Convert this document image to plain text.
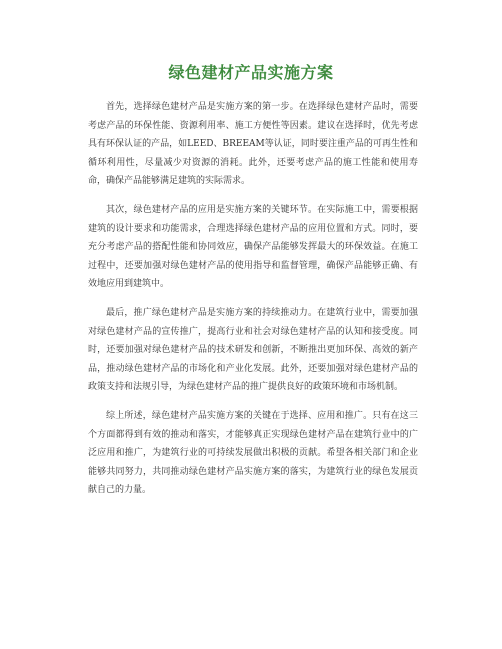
绿色建材产品实施方案

首先，选择绿色建材产品是实施方案的第一步。在选择绿色建材产品时，需要考虑产品的环保性能、资源利用率、施工方便性等因素。建议在选择时，优先考虑具有环保认证的产品，如LEED、BREEAM等认证，同时要注重产品的可再生性和循环利用性，尽量减少对资源的消耗。此外，还要考虑产品的施工性能和使用寿命，确保产品能够满足建筑的实际需求。

其次，绿色建材产品的应用是实施方案的关键环节。在实际施工中，需要根据建筑的设计要求和功能需求，合理选择绿色建材产品的应用位置和方式。同时，要充分考虑产品的搭配性能和协同效应，确保产品能够发挥最大的环保效益。在施工过程中，还要加强对绿色建材产品的使用指导和监督管理，确保产品能够正确、有效地应用到建筑中。

最后，推广绿色建材产品是实施方案的持续推动力。在建筑行业中，需要加强对绿色建材产品的宣传推广，提高行业和社会对绿色建材产品的认知和接受度。同时，还要加强对绿色建材产品的技术研发和创新，不断推出更加环保、高效的新产品，推动绿色建材产品的市场化和产业化发展。此外，还要加强对绿色建材产品的政策支持和法规引导，为绿色建材产品的推广提供良好的政策环境和市场机制。

综上所述，绿色建材产品实施方案的关键在于选择、应用和推广。只有在这三个方面都得到有效的推动和落实，才能够真正实现绿色建材产品在建筑行业中的广泛应用和推广，为建筑行业的可持续发展做出积极的贡献。希望各相关部门和企业能够共同努力，共同推动绿色建材产品实施方案的落实，为建筑行业的绿色发展贡献自己的力量。
